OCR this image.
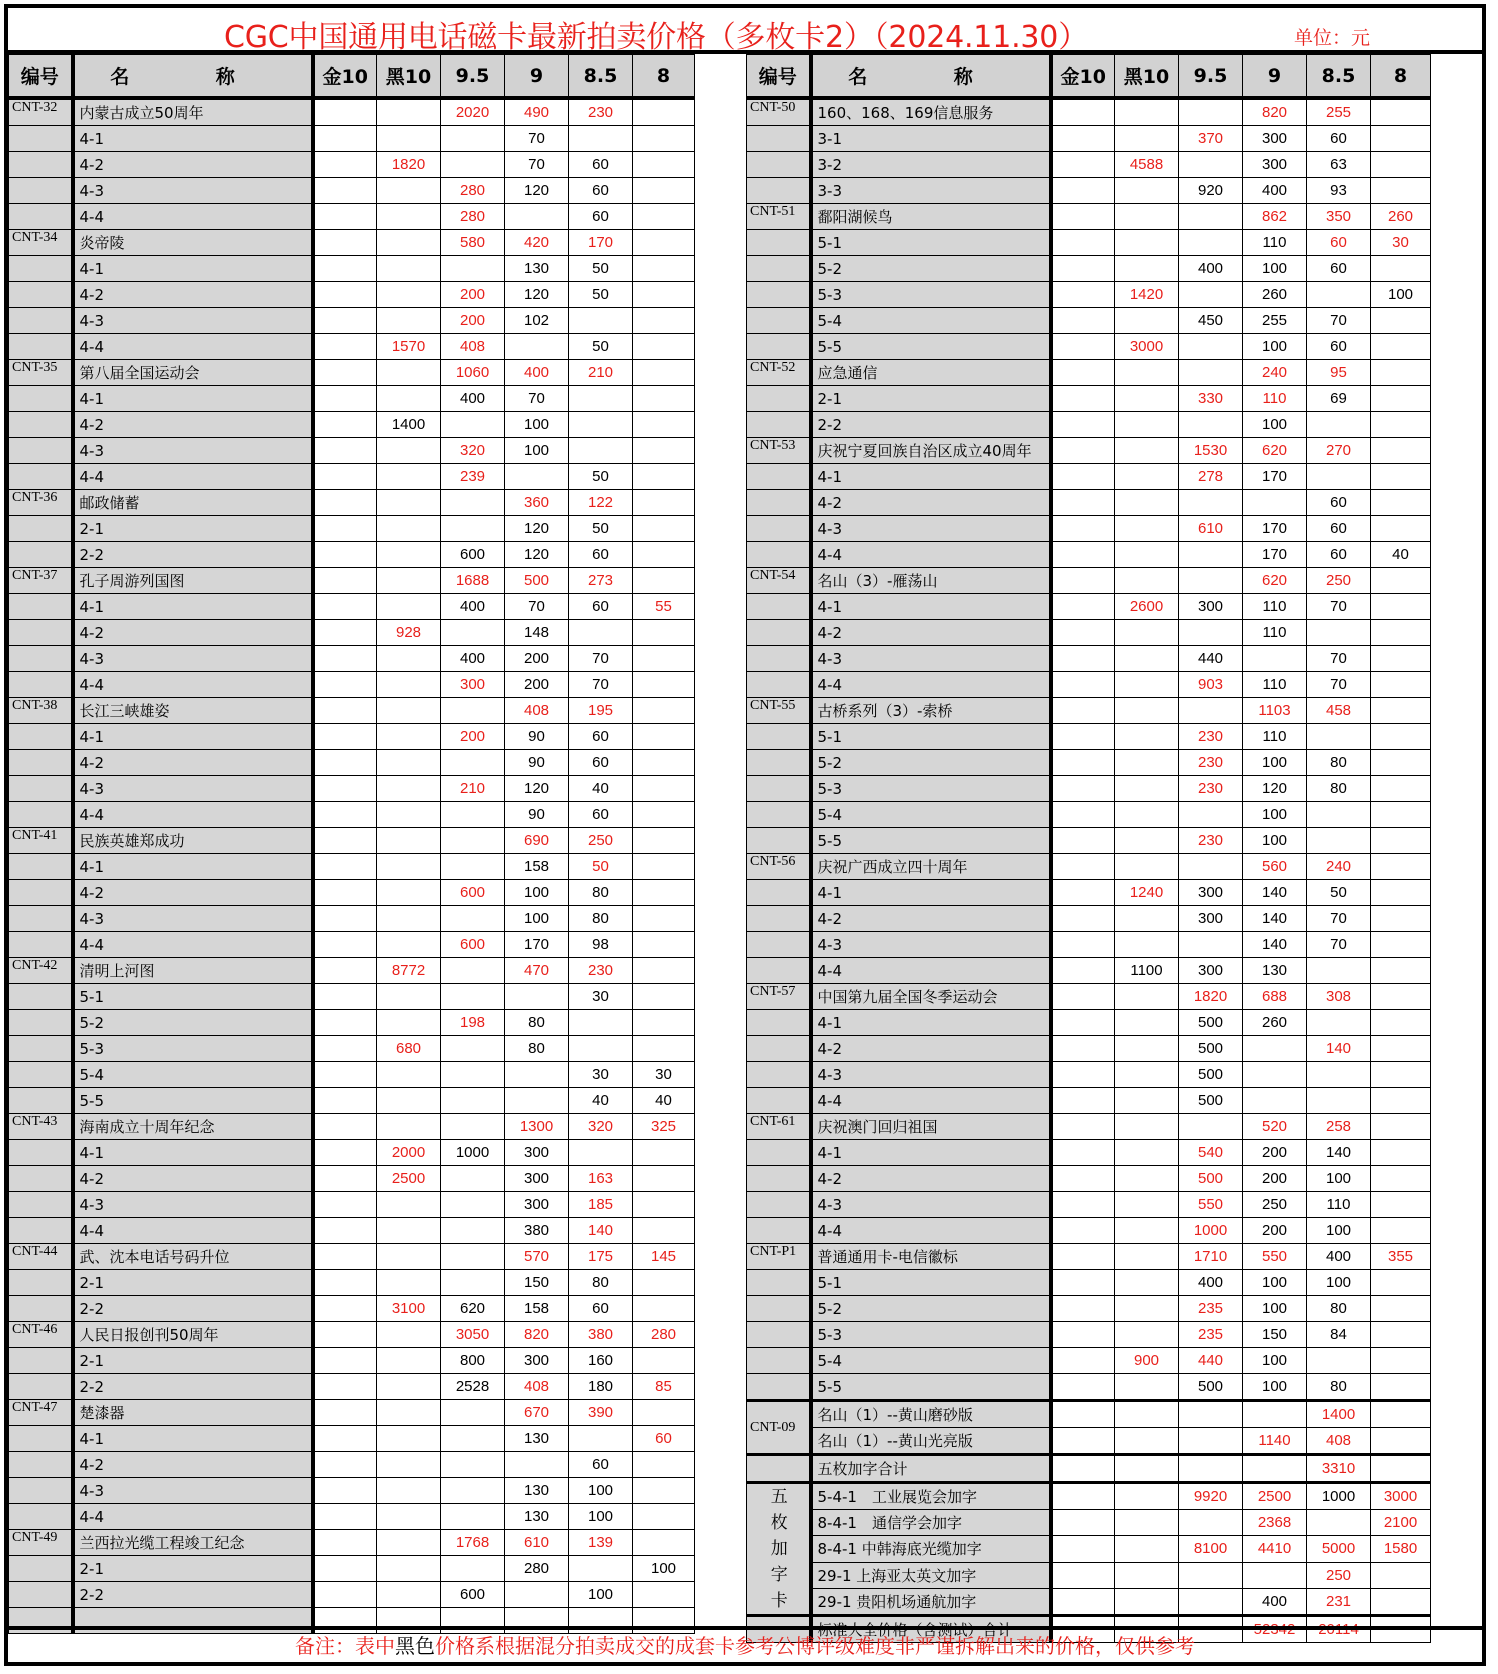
CGC中国通用电话磁卡最新拍卖价格（多枚卡2）（2024.11.30）	单位：元
编号	名 称	金10	黑10	9.5	9	8.5	8
CNT-32	内蒙古成立50周年			2020	490	230	
	4-1				70		
	4-2		1820		70	60	
	4-3			280	120	60	
	4-4			280		60	
CNT-34	炎帝陵			580	420	170	
	4-1				130	50	
	4-2			200	120	50	
	4-3			200	102		
	4-4		1570	408		50	
CNT-35	第八届全国运动会			1060	400	210	
	4-1			400	70		
	4-2		1400		100		
	4-3			320	100		
	4-4			239		50	
CNT-36	邮政储蓄				360	122	
	2-1				120	50	
	2-2			600	120	60	
CNT-37	孔子周游列国图			1688	500	273	
	4-1			400	70	60	55
	4-2		928		148		
	4-3			400	200	70	
	4-4			300	200	70	
CNT-38	长江三峡雄姿				408	195	
	4-1			200	90	60	
	4-2				90	60	
	4-3			210	120	40	
	4-4				90	60	
CNT-41	民族英雄郑成功				690	250	
	4-1				158	50	
	4-2			600	100	80	
	4-3				100	80	
	4-4			600	170	98	
CNT-42	清明上河图		8772		470	230	
	5-1					30	
	5-2			198	80		
	5-3		680		80		
	5-4					30	30
	5-5					40	40
CNT-43	海南成立十周年纪念				1300	320	325
	4-1		2000	1000	300		
	4-2		2500		300	163	
	4-3				300	185	
	4-4				380	140	
CNT-44	武、沈本电话号码升位				570	175	145
	2-1				150	80	
	2-2		3100	620	158	60	
CNT-46	人民日报创刊50周年			3050	820	380	280
	2-1			800	300	160	
	2-2			2528	408	180	85
CNT-47	楚漆器				670	390	
	4-1				130		60
	4-2					60	
	4-3				130	100	
	4-4				130	100	
CNT-49	兰西拉光缆工程竣工纪念			1768	610	139	
	2-1				280		100
	2-2			600		100	

编号	名 称	金10	黑10	9.5	9	8.5	8
CNT-50	160、168、169信息服务				820	255	
	3-1			370	300	60	
	3-2		4588		300	63	
	3-3			920	400	93	
CNT-51	鄱阳湖候鸟				862	350	260
	5-1				110	60	30
	5-2			400	100	60	
	5-3		1420		260		100
	5-4			450	255	70	
	5-5		3000		100	60	
CNT-52	应急通信				240	95	
	2-1			330	110	69	
	2-2				100		
CNT-53	庆祝宁夏回族自治区成立40周年			1530	620	270	
	4-1			278	170		
	4-2					60	
	4-3			610	170	60	
	4-4				170	60	40
CNT-54	名山（3）-雁荡山				620	250	
	4-1		2600	300	110	70	
	4-2				110		
	4-3			440		70	
	4-4			903	110	70	
CNT-55	古桥系列（3）-索桥				1103	458	
	5-1			230	110		
	5-2			230	100	80	
	5-3			230	120	80	
	5-4				100		
	5-5			230	100		
CNT-56	庆祝广西成立四十周年				560	240	
	4-1		1240	300	140	50	
	4-2			300	140	70	
	4-3				140	70	
	4-4		1100	300	130		
CNT-57	中国第九届全国冬季运动会			1820	688	308	
	4-1			500	260		
	4-2			500		140	
	4-3			500			
	4-4			500			
CNT-61	庆祝澳门回归祖国				520	258	
	4-1			540	200	140	
	4-2			500	200	100	
	4-3			550	250	110	
	4-4			1000	200	100	
CNT-P1	普通通用卡-电信徽标			1710	550	400	355
	5-1			400	100	100	
	5-2			235	100	80	
	5-3			235	150	84	
	5-4		900	440	100		
	5-5			500	100	80	
CNT-09	名山（1）--黄山磨砂版					1400	
	名山（1）--黄山光亮版				1140	408	
	五枚加字合计					3310	
五
枚
加
字
卡	5-4-1　工业展览会加字			9920	2500	1000	3000
	8-4-1　通信学会加字				2368		2100
	8-4-1 中韩海底光缆加字			8100	4410	5000	1580
	29-1 上海亚太英文加字					250	
	29-1 贵阳机场通航加字				400	231	
	标准大全价格（含测试）合计				52342	20114	
备注：表中黑色价格系根据混分拍卖成交的成套卡参考公博评级难度非严谨拆解出来的价格，仅供参考
